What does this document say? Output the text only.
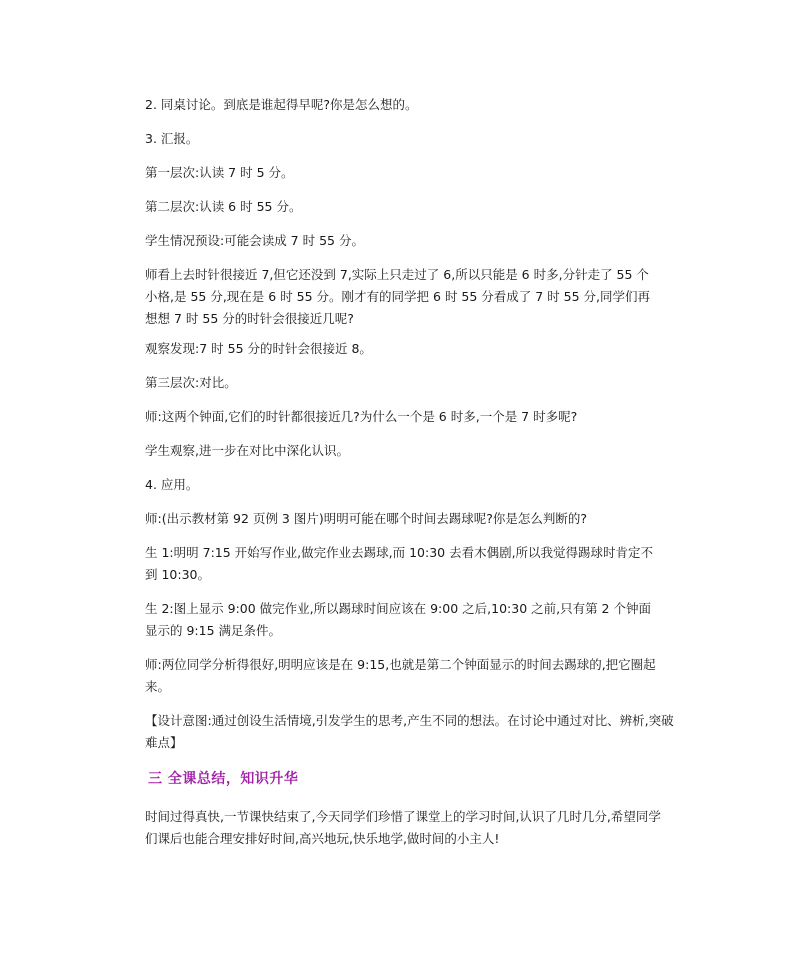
2. 同桌讨论。到底是谁起得早呢?你是怎么想的。

3. 汇报。

第一层次:认读 7 时 5 分。

第二层次:认读 6 时 55 分。

学生情况预设:可能会读成 7 时 55 分。

师看上去时针很接近 7,但它还没到 7,实际上只走过了 6,所以只能是 6 时多,分针走了 55 个小格,是 55 分,现在是 6 时 55 分。刚才有的同学把 6 时 55 分看成了 7 时 55 分,同学们再想想 7 时 55 分的时针会很接近几呢?

观察发现:7 时 55 分的时针会很接近 8。

第三层次:对比。

师:这两个钟面,它们的时针都很接近几?为什么一个是 6 时多,一个是 7 时多呢?

学生观察,进一步在对比中深化认识。

4. 应用。

师:(出示教材第 92 页例 3 图片)明明可能在哪个时间去踢球呢?你是怎么判断的?

生 1:明明 7:15 开始写作业,做完作业去踢球,而 10:30 去看木偶剧,所以我觉得踢球时肯定不到 10:30。

生 2:图上显示 9:00 做完作业,所以踢球时间应该在 9:00 之后,10:30 之前,只有第 2 个钟面显示的 9:15 满足条件。

师:两位同学分析得很好,明明应该是在 9:15,也就是第二个钟面显示的时间去踢球的,把它圈起来。

【设计意图:通过创设生活情境,引发学生的思考,产生不同的想法。在讨论中通过对比、辨析,突破难点】

三 全课总结，知识升华

时间过得真快,一节课快结束了,今天同学们珍惜了课堂上的学习时间,认识了几时几分,希望同学们课后也能合理安排好时间,高兴地玩,快乐地学,做时间的小主人!
